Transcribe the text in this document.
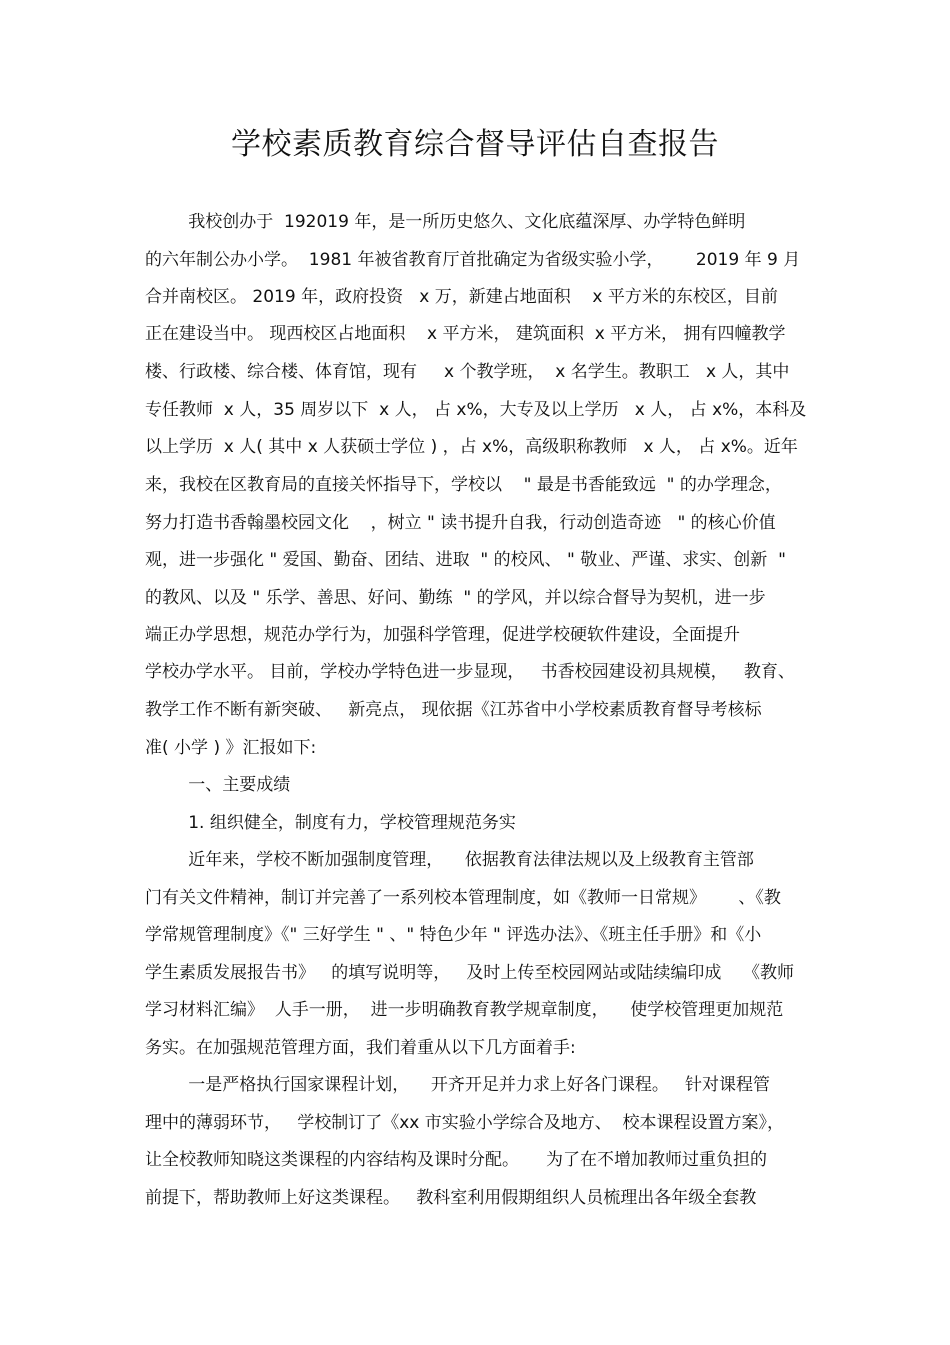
学校素质教育综合督导评估自查报告
我校创办于  192019 年，是一所历史悠久、文化底蕴深厚、办学特色鲜明
的六年制公办小学。  1981 年被省教育厅首批确定为省级实验小学，      2019 年 9 月
合并南校区。 2019 年，政府投资   x 万，新建占地面积    x 平方米的东校区，目前
正在建设当中。 现西校区占地面积    x 平方米， 建筑面积  x 平方米， 拥有四幢教学
楼、行政楼、综合楼、体育馆，现有     x 个教学班，  x 名学生。教职工   x 人，其中
专任教师  x 人，35 周岁以下  x 人， 占 x%，大专及以上学历   x 人， 占 x%，本科及
以上学历  x 人( 其中 x 人获硕士学位 ) ，占 x%，高级职称教师   x 人， 占 x%。近年
来，我校在区教育局的直接关怀指导下，学校以    " 最是书香能致远  " 的办学理念，
努力打造书香翰墨校园文化    ，树立 " 读书提升自我，行动创造奇迹   " 的核心价值
观，进一步强化 " 爱国、勤奋、团结、进取  " 的校风、 " 敬业、严谨、求实、创新  "
的教风、以及 " 乐学、善思、好问、勤练  " 的学风，并以综合督导为契机，进一步
端正办学思想，规范办学行为，加强科学管理，促进学校硬软件建设，全面提升
学校办学水平。 目前，学校办学特色进一步显现，   书香校园建设初具规模，   教育、
教学工作不断有新突破、   新亮点， 现依据《江苏省中小学校素质教育督导考核标
准( 小学 ) 》汇报如下:
一、主要成绩
1. 组织健全，制度有力，学校管理规范务实
近年来，学校不断加强制度管理，    依据教育法律法规以及上级教育主管部
门有关文件精神，制订并完善了一系列校本管理制度，如《教师一日常规》      、《教
学常规管理制度》《" 三好学生 " 、" 特色少年 " 评选办法》、《班主任手册》和《小
学生素质发展报告书》   的填写说明等，   及时上传至校园网站或陆续编印成    《教师
学习材料汇编》  人手一册，  进一步明确教育教学规章制度，    使学校管理更加规范
务实。在加强规范管理方面，我们着重从以下几方面着手:
一是严格执行国家课程计划，    开齐开足并力求上好各门课程。   针对课程管
理中的薄弱环节，   学校制订了《xx 市实验小学综合及地方、  校本课程设置方案》，
让全校教师知晓这类课程的内容结构及课时分配。     为了在不增加教师过重负担的
前提下，帮助教师上好这类课程。   教科室利用假期组织人员梳理出各年级全套教
